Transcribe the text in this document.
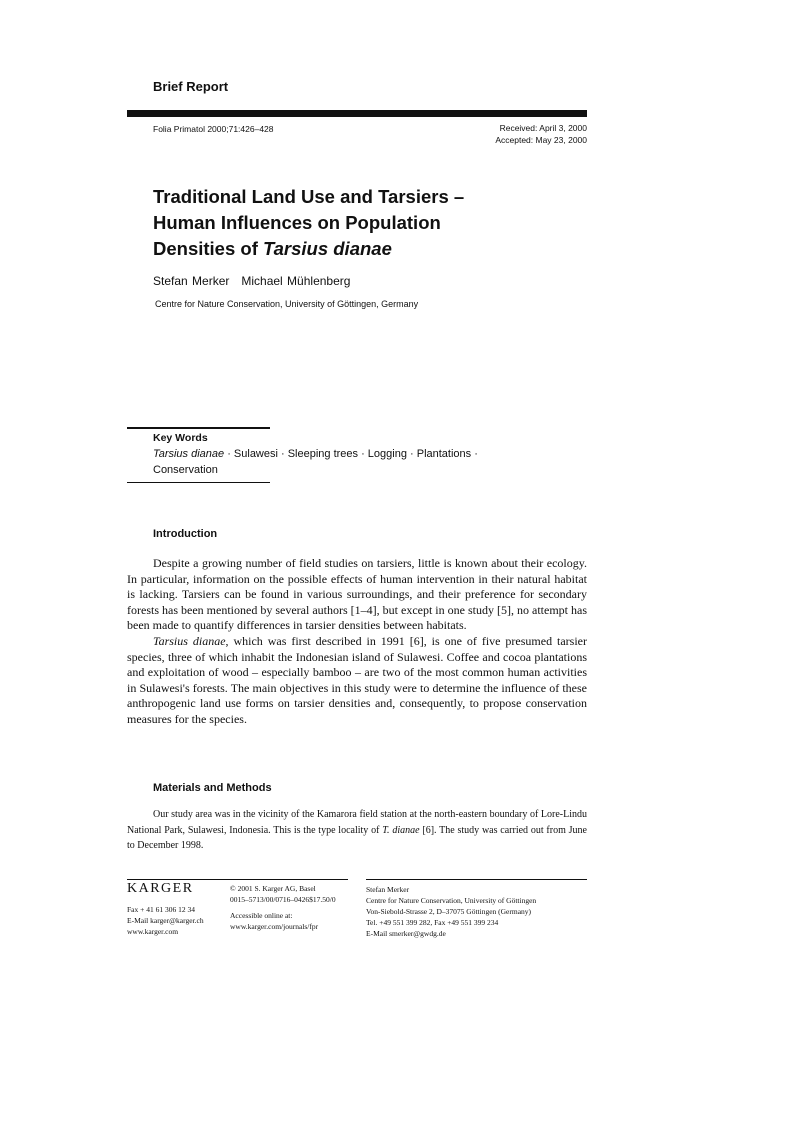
Brief Report
Folia Primatol 2000;71:426–428	Received: April 3, 2000
Accepted: May 23, 2000
Traditional Land Use and Tarsiers –
Human Influences on Population
Densities of Tarsius dianae
Stefan Merker Michael Mühlenberg
Centre for Nature Conservation, University of Göttingen, Germany
Key Words
Tarsius dianae · Sulawesi · Sleeping trees · Logging · Plantations · Conservation
Introduction

Despite a growing number of field studies on tarsiers, little is known about their ecology. In particular, information on the possible effects of human intervention in their natural habitat is lacking. Tarsiers can be found in various surroundings, and their preference for secondary forests has been mentioned by several authors [1–4], but except in one study [5], no attempt has been made to quantify differences in tarsier densities between habitats.

Tarsius dianae, which was first described in 1991 [6], is one of five presumed tarsier species, three of which inhabit the Indonesian island of Sulawesi. Coffee and cocoa plantations and exploitation of wood – especially bamboo – are two of the most common human activities in Sulawesi's forests. The main objectives in this study were to determine the influence of these anthropogenic land use forms on tarsier densities and, consequently, to propose conservation measures for the species.

Materials and Methods

Our study area was in the vicinity of the Kamarora field station at the north-eastern boundary of Lore-Lindu National Park, Sulawesi, Indonesia. This is the type locality of T. dianae [6]. The study was carried out from June to December 1998.

KARGER
Fax + 41 61 306 12 34
E-Mail karger@karger.ch
www.karger.com
© 2001 S. Karger AG, Basel
0015–5713/00/0716–0426$17.50/0
Accessible online at:
www.karger.com/journals/fpr
Stefan Merker
Centre for Nature Conservation, University of Göttingen
Von-Siebold-Strasse 2, D–37075 Göttingen (Germany)
Tel. +49 551 399 282, Fax +49 551 399 234
E-Mail smerker@gwdg.de
